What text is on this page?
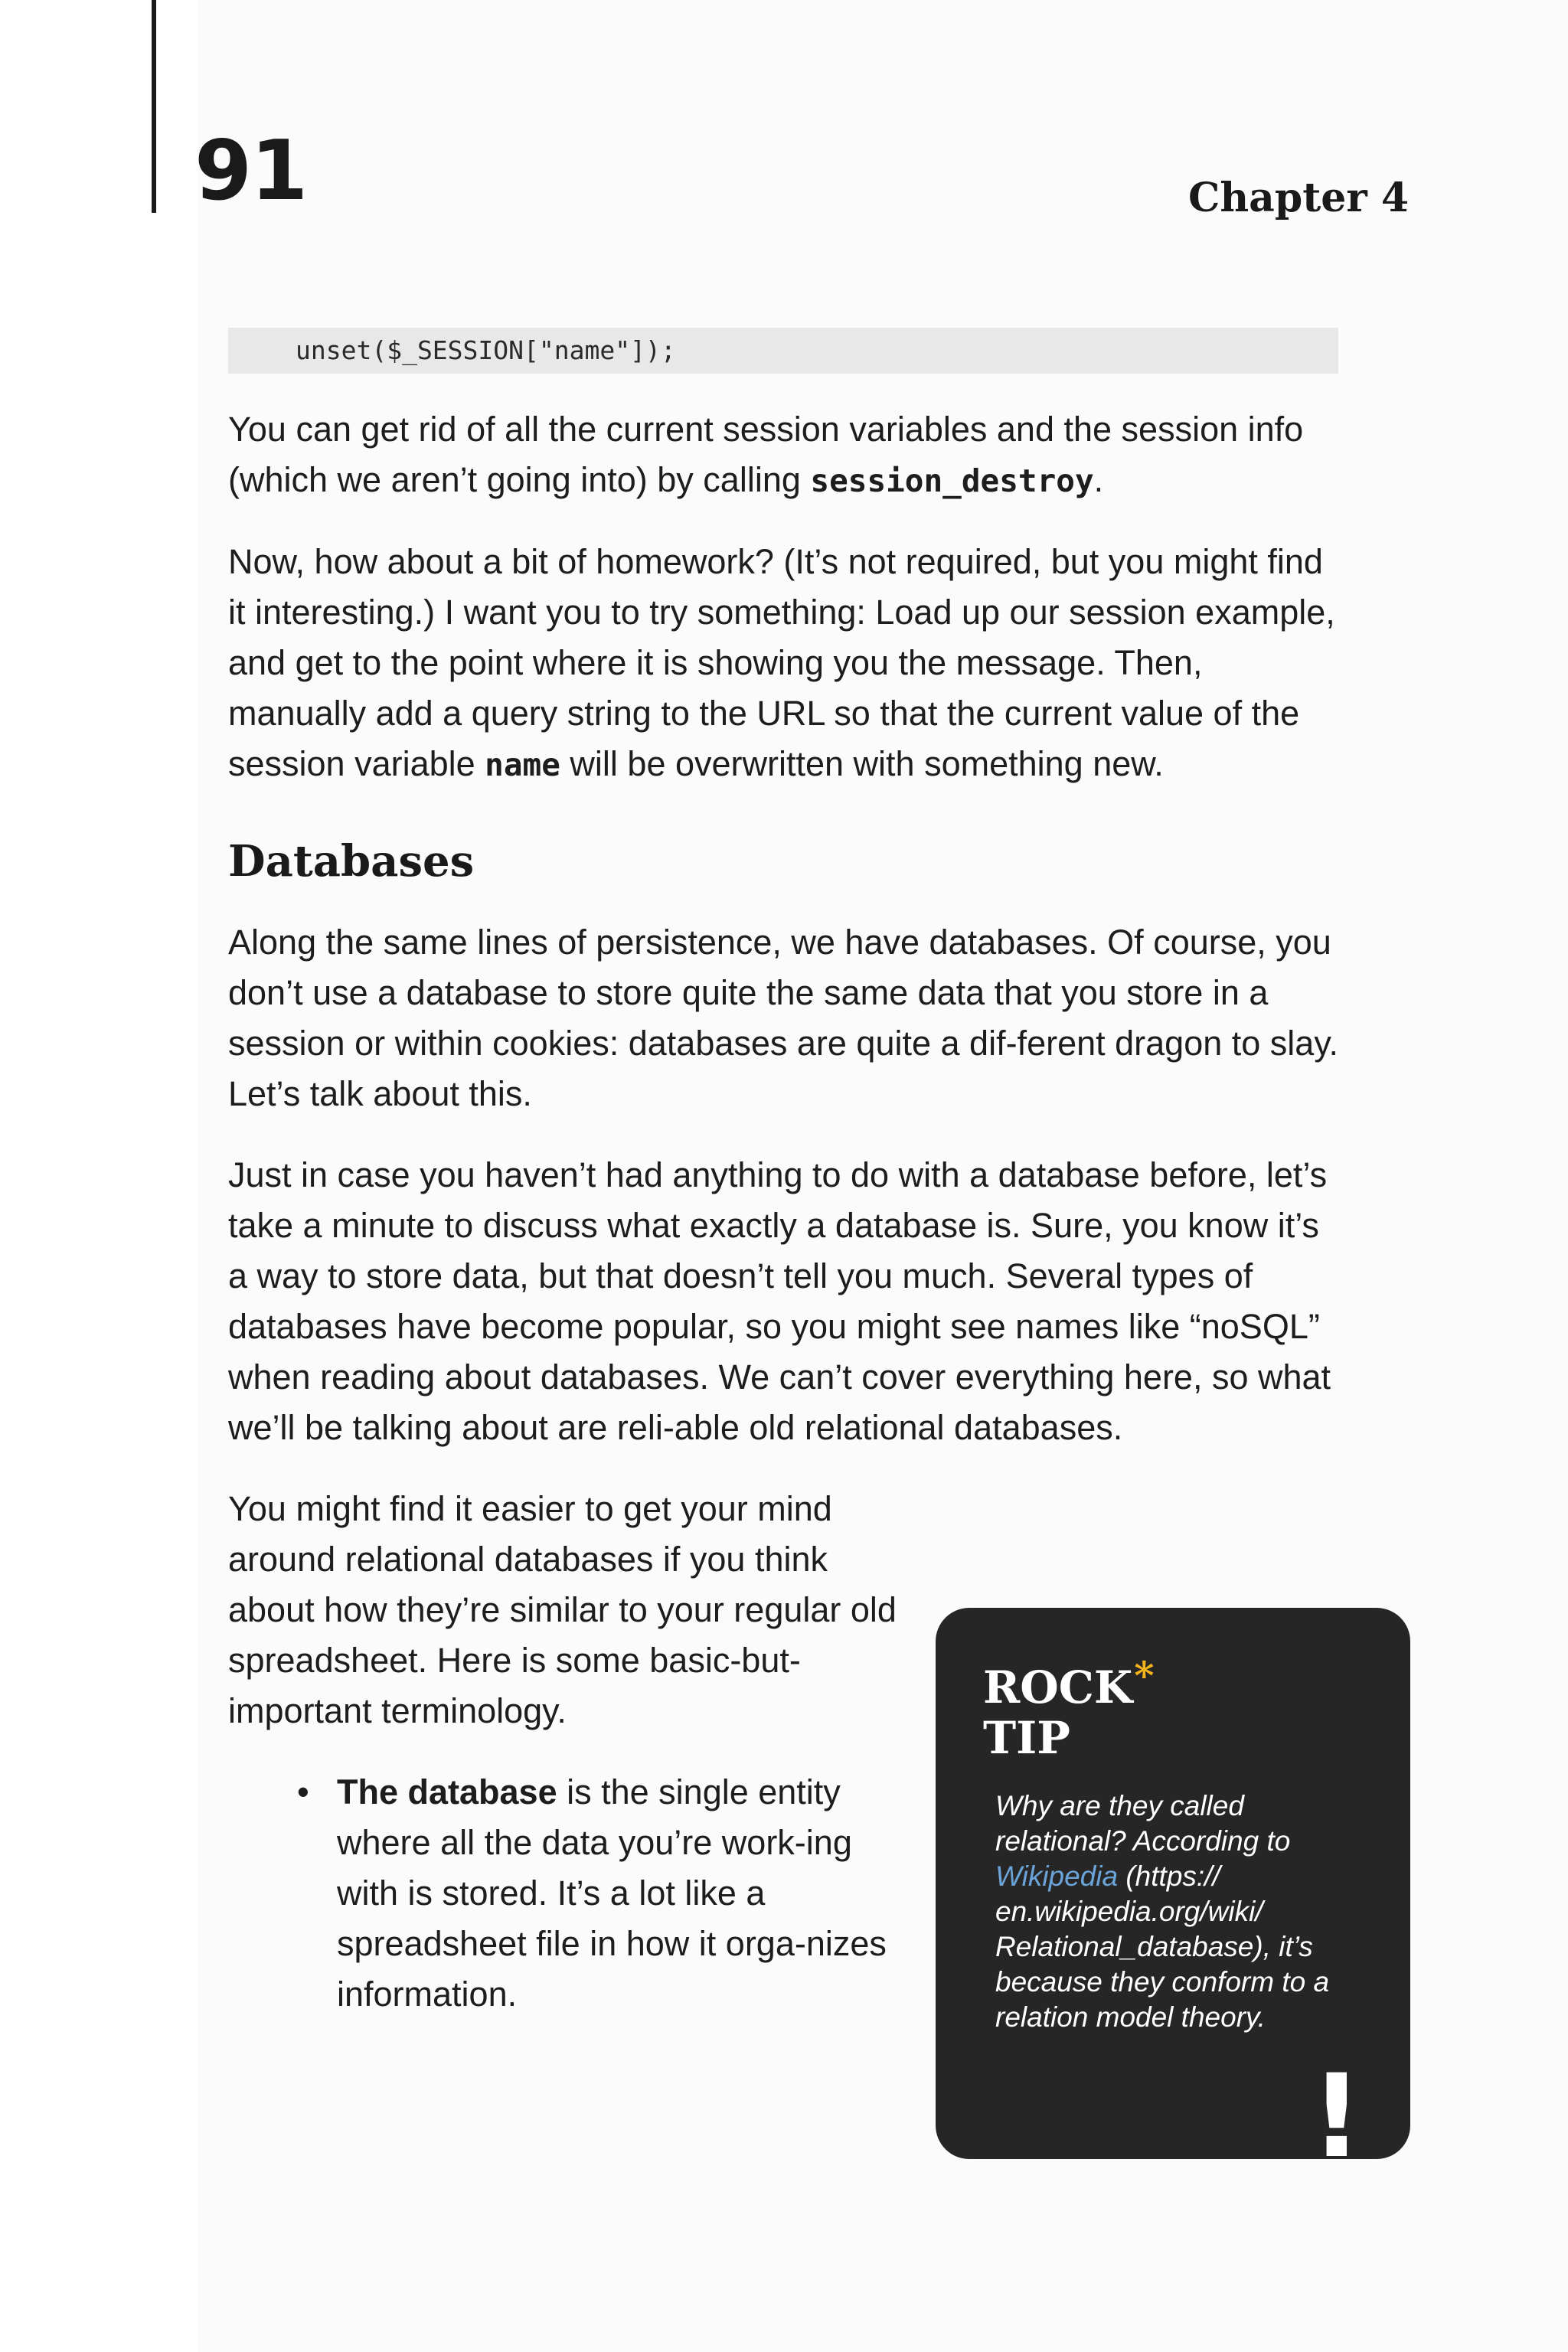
91	Chapter 4
unset($_SESSION["name"]);

You can get rid of all the current session variables and the session info (which we aren’t going into) by calling session_destroy.

Now, how about a bit of homework? (It’s not required, but you might find it interesting.) I want you to try something: Load up our session example, and get to the point where it is showing you the message. Then, manually add a query string to the URL so that the current value of the session variable name will be overwritten with something new.

Databases

Along the same lines of persistence, we have databases. Of course, you don’t use a database to store quite the same data that you store in a session or within cookies: databases are quite a dif-ferent dragon to slay. Let’s talk about this.

Just in case you haven’t had anything to do with a database before, let’s take a minute to discuss what exactly a database is. Sure, you know it’s a way to store data, but that doesn’t tell you much. Several types of databases have become popular, so you might see names like “noSQL” when reading about databases. We can’t cover everything here, so what we’ll be talking about are reli-able old relational databases.

You might find it easier to get your mind around relational databases if you think about how they’re similar to your regular old spreadsheet. Here is some basic-but-important terminology.

• The database is the single entity where all the data you’re work-ing with is stored. It’s a lot like a spreadsheet file in how it orga-nizes information.
ROCK*
TIP
Why are they called relational? According to Wikipedia (https:// en.wikipedia.org/wiki/ Relational_database), it’s because they conform to a relation model theory.
!
